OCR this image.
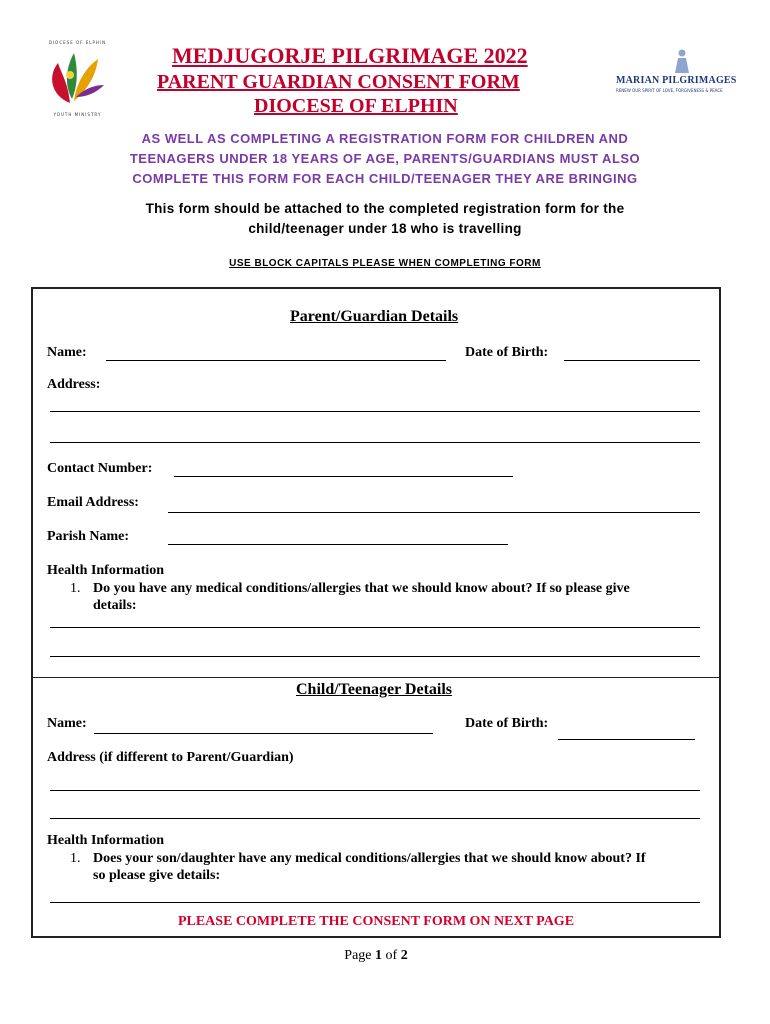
DIOCESE OF ELPHIN
YOUTH MINISTRY
MARIAN PILGRIMAGES
RENEW OUR SPIRIT OF LOVE, FORGIVENESS & PEACE
MEDJUGORJE PILGRIMAGE 2022
PARENT GUARDIAN CONSENT FORM
DIOCESE OF ELPHIN
AS WELL AS COMPLETING A REGISTRATION FORM FOR CHILDREN AND
TEENAGERS UNDER 18 YEARS OF AGE, PARENTS/GUARDIANS MUST ALSO
COMPLETE THIS FORM FOR EACH CHILD/TEENAGER THEY ARE BRINGING
This form should be attached to the completed registration form for the
child/teenager under 18 who is travelling
USE BLOCK CAPITALS PLEASE WHEN COMPLETING FORM
Parent/Guardian Details
Name:	Date of Birth:
Address:
Contact Number:
Email Address:
Parish Name:
Health Information
1. Do you have any medical conditions/allergies that we should know about? If so please give
details:
Child/Teenager Details
Name:	Date of Birth:
Address (if different to Parent/Guardian)
Health Information
1. Does your son/daughter have any medical conditions/allergies that we should know about? If
so please give details:
PLEASE COMPLETE THE CONSENT FORM ON NEXT PAGE
Page 1 of 2
